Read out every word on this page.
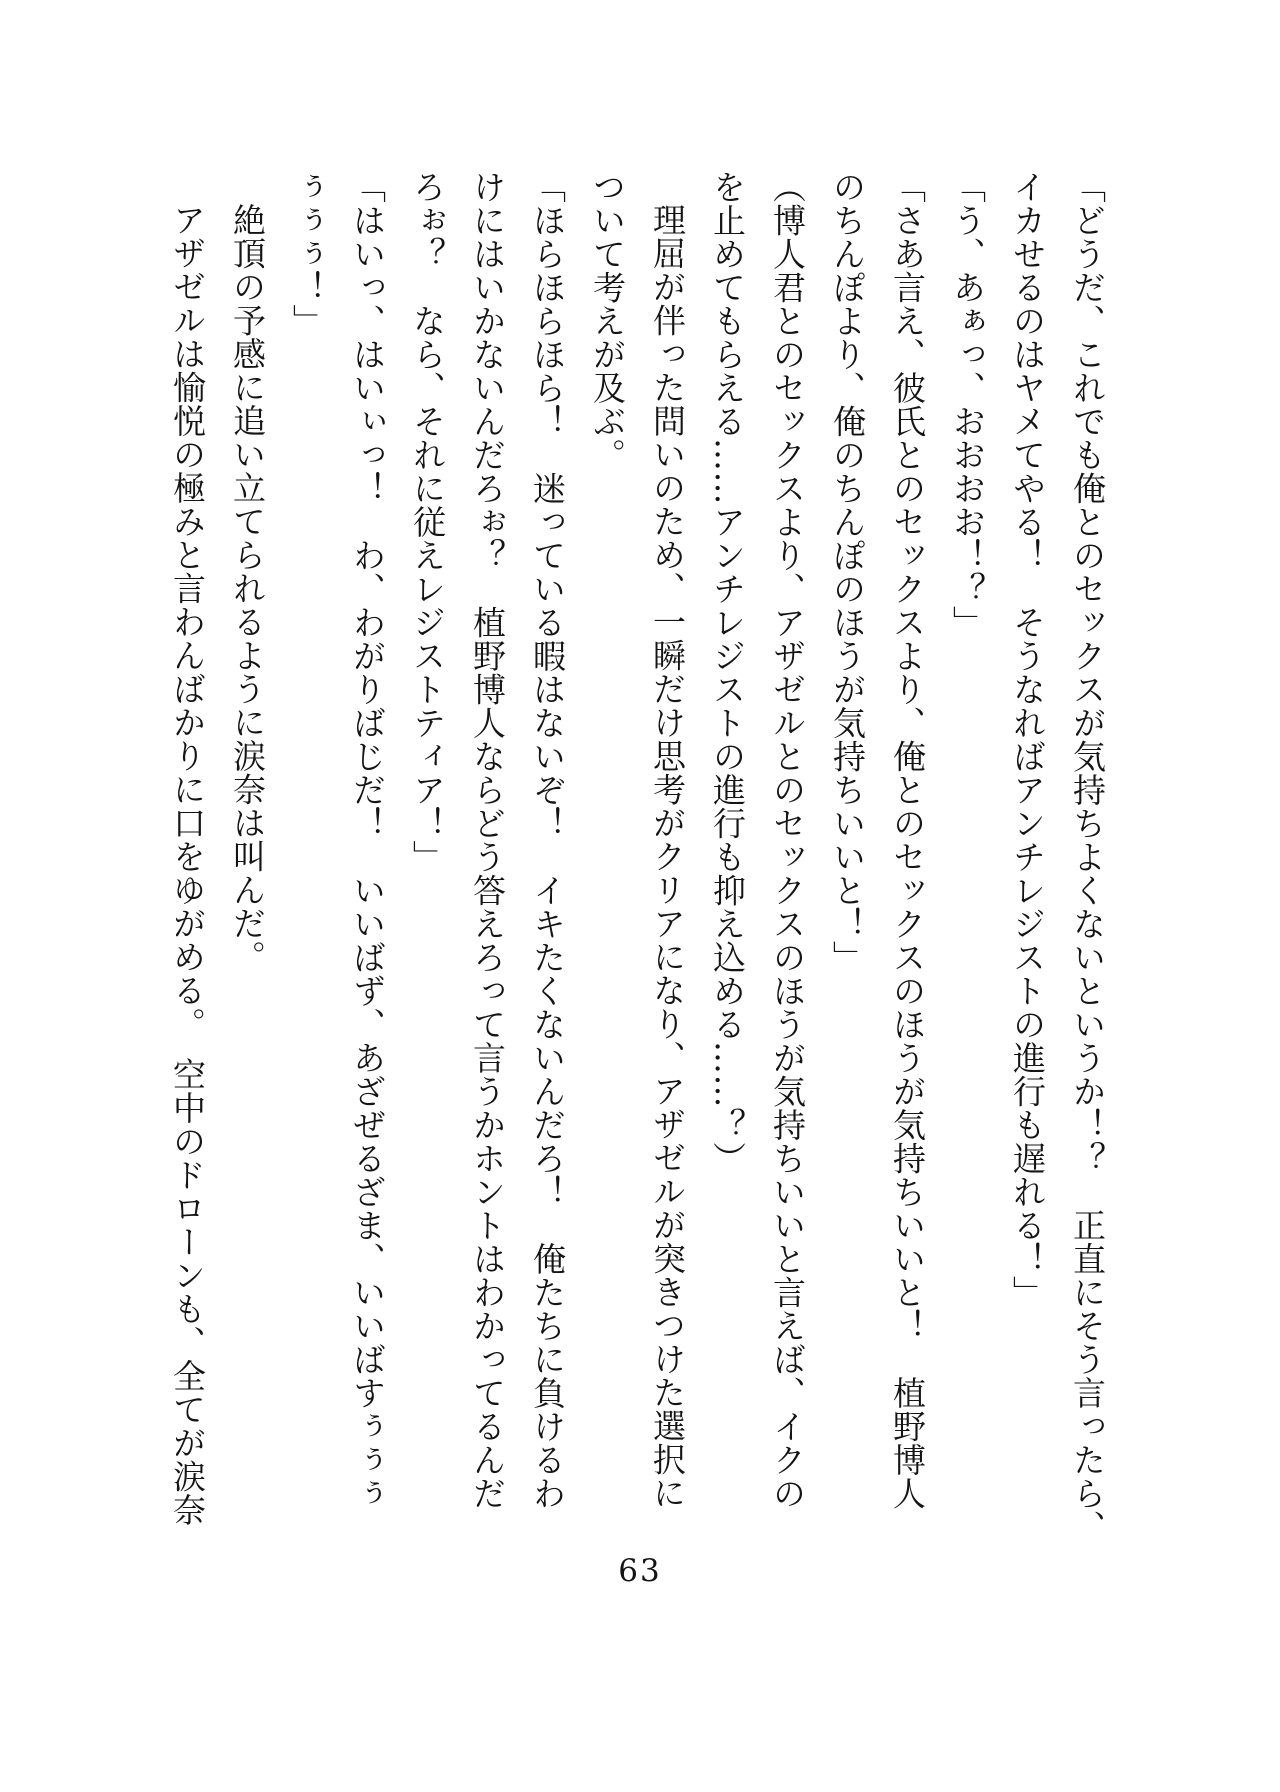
「どうだ、これでも俺とのセックスが気持ちよくないというか！？　正直にそう言ったら、

イカせるのはヤメてやる！　そうなればアンチレジストの進行も遅れる！」

「う、あぁっ、おおおお！？」

「さあ言え、彼氏とのセックスより、俺とのセックスのほうが気持ちいいと！　植野博人

のちんぽより、俺のちんぽのほうが気持ちいいと！」

（博人君とのセックスより、アザゼルとのセックスのほうが気持ちいいと言えば、イクの

を止めてもらえる……アンチレジストの進行も抑え込める……？）

理屈が伴った問いのため、一瞬だけ思考がクリアになり、アザゼルが突きつけた選択に

ついて考えが及ぶ。

「ほらほらほら！　迷っている暇はないぞ！　イキたくないんだろ！　俺たちに負けるわ

けにはいかないんだろぉ？　植野博人ならどう答えろって言うかホントはわかってるんだ

ろぉ？　なら、それに従えレジストティア！」

「はいっ、はいぃっ！　わ、わがりばじだ！　いいばず、あざぜるざま、いいばすぅぅぅ

ぅぅぅ！」

絶頂の予感に追い立てられるように涙奈は叫んだ。

アザゼルは愉悦の極みと言わんばかりに口をゆがめる。　空中のドローンも、全てが涙奈

63
